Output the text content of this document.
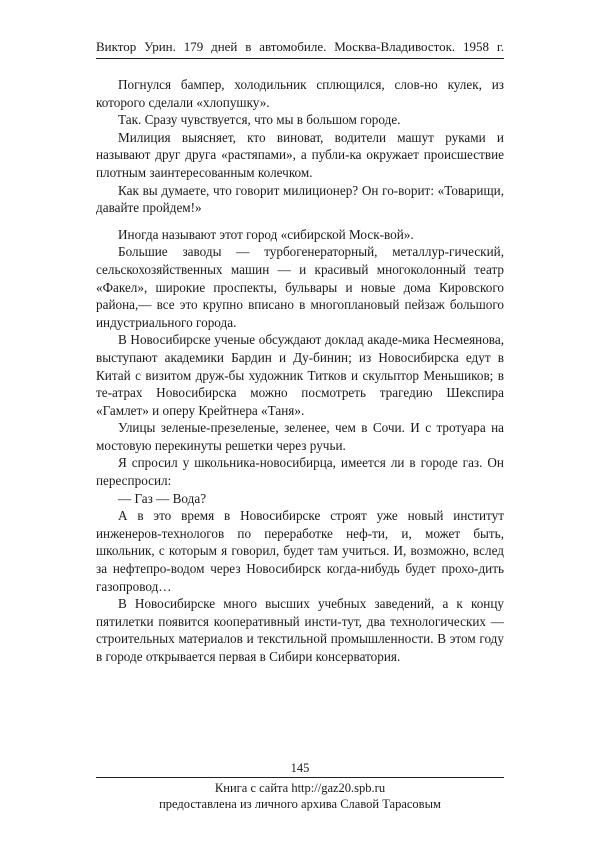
Виктор Урин. 179 дней в автомобиле. Москва-Владивосток. 1958 г.

Погнулся бампер, холодильник сплющился, слов-но кулек, из которого сделали «хлопушку».

Так. Сразу чувствуется, что мы в большом городе.

Милиция выясняет, кто виноват, водители машут руками и называют друг друга «растяпами», а публи-ка окружает происшествие плотным заинтересованным колечком.

Как вы думаете, что говорит милиционер? Он го-ворит: «Товарищи, давайте пройдем!»

Иногда называют этот город «сибирской Моск-вой».

Большие заводы — турбогенераторный, металлур-гический, сельскохозяйственных машин — и красивый многоколонный театр «Факел», широкие проспекты, бульвары и новые дома Кировского района,— все это крупно вписано в многоплановый пейзаж большого индустриального города.

В Новосибирске ученые обсуждают доклад акаде-мика Несмеянова, выступают академики Бардин и Ду-бинин; из Новосибирска едут в Китай с визитом друж-бы художник Титков и скульптор Меньшиков; в те-атрах Новосибирска можно посмотреть трагедию Шекспира «Гамлет» и оперу Крейтнера «Таня».

Улицы зеленые-презеленые, зеленее, чем в Сочи. И с тротуара на мостовую перекинуты решетки через ручьи.

Я спросил у школьника-новосибирца, имеется ли в городе газ. Он переспросил:

— Газ — Вода?

А в это время в Новосибирске строят уже новый институт инженеров-технологов по переработке неф-ти, и, может быть, школьник, с которым я говорил, будет там учиться. И, возможно, вслед за нефтепро-водом через Новосибирск когда-нибудь будет прохо-дить газопровод…

В Новосибирске много высших учебных заведений, а к концу пятилетки появится кооперативный инсти-тут, два технологических — строительных материалов и текстильной промышленности. В этом году в городе открывается первая в Сибири консерватория.

145
Книга с сайта http://gaz20.spb.ru
предоставлена из личного архива Славой Тарасовым
